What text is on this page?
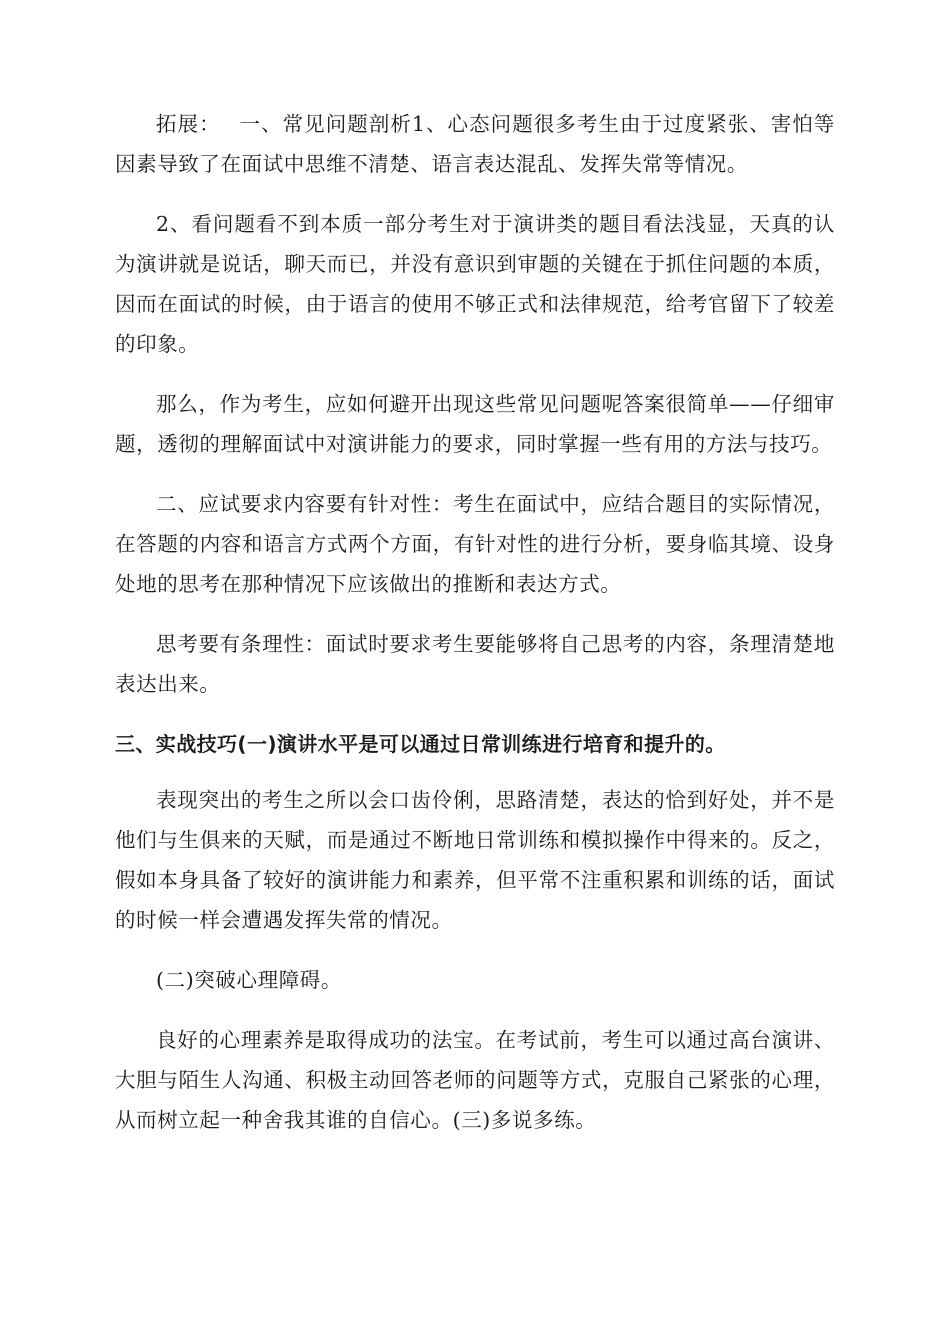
拓展：　 一、常见问题剖析1、心态问题很多考生由于过度紧张、害怕等因素导致了在面试中思维不清楚、语言表达混乱、发挥失常等情况。

2、看问题看不到本质一部分考生对于演讲类的题目看法浅显，天真的认为演讲就是说话，聊天而已，并没有意识到审题的关键在于抓住问题的本质，因而在面试的时候，由于语言的使用不够正式和法律规范，给考官留下了较差的印象。

那么，作为考生，应如何避开出现这些常见问题呢答案很简单——仔细审题，透彻的理解面试中对演讲能力的要求，同时掌握一些有用的方法与技巧。

二、应试要求内容要有针对性：考生在面试中，应结合题目的实际情况，在答题的内容和语言方式两个方面，有针对性的进行分析，要身临其境、设身处地的思考在那种情况下应该做出的推断和表达方式。

思考要有条理性：面试时要求考生要能够将自己思考的内容，条理清楚地表达出来。

三、实战技巧(一)演讲水平是可以通过日常训练进行培育和提升的。

表现突出的考生之所以会口齿伶俐，思路清楚，表达的恰到好处，并不是他们与生俱来的天赋，而是通过不断地日常训练和模拟操作中得来的。反之，假如本身具备了较好的演讲能力和素养，但平常不注重积累和训练的话，面试的时候一样会遭遇发挥失常的情况。

(二)突破心理障碍。

良好的心理素养是取得成功的法宝。在考试前，考生可以通过高台演讲、大胆与陌生人沟通、积极主动回答老师的问题等方式，克服自己紧张的心理，从而树立起一种舍我其谁的自信心。(三)多说多练。
